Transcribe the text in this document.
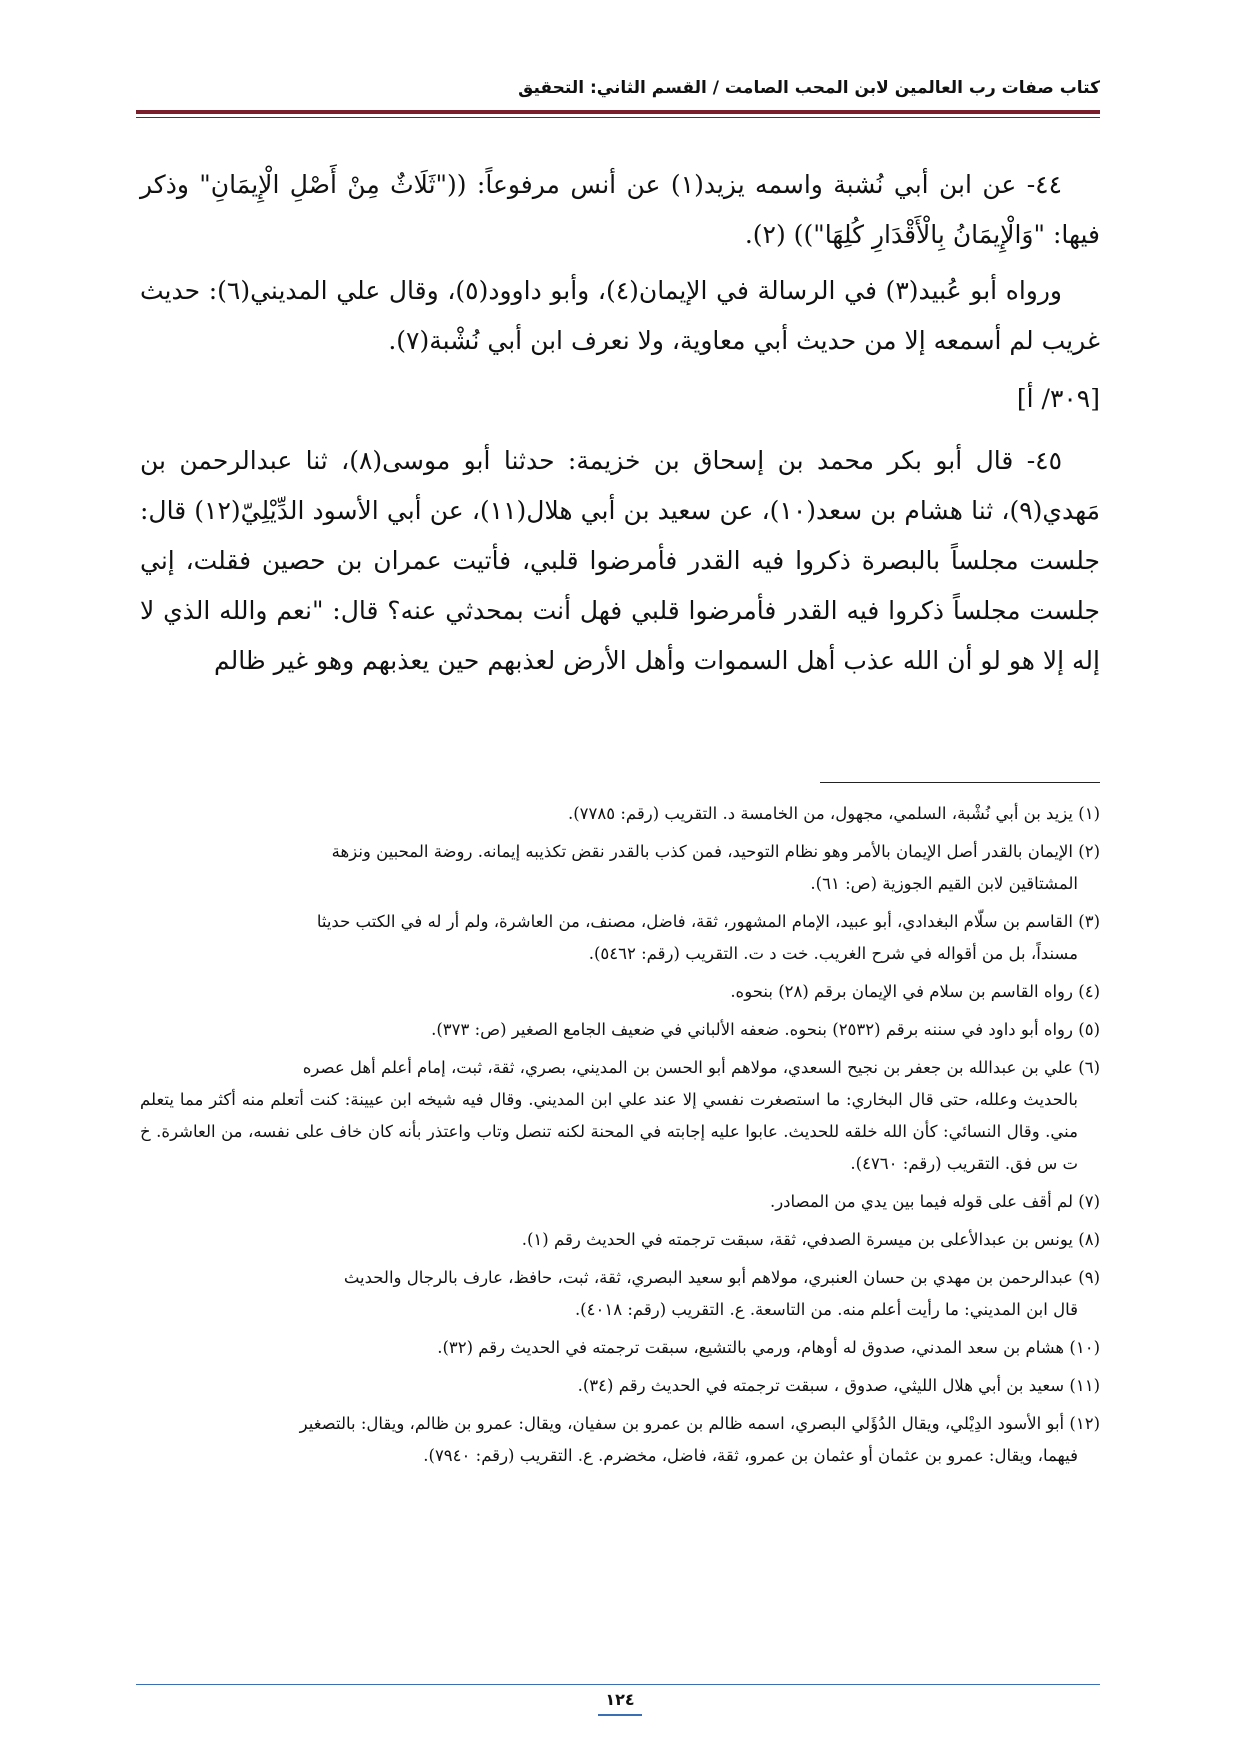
كتاب صفات رب العالمين لابن المحب الصامت / القسم الثاني: التحقيق

٤٤- عن ابن أبي نُشبة واسمه يزيد(١) عن أنس مرفوعاً: (("ثَلَاثٌ مِنْ أَصْلِ الْإِيمَانِ" وذكر فيها: "وَالْإِيمَانُ بِالْأَقْدَارِ كُلِهَا")) (٢).

ورواه أبو عُبيد(٣) في الرسالة في الإيمان(٤)، وأبو داوود(٥)، وقال علي المديني(٦): حديث غريب لم أسمعه إلا من حديث أبي معاوية، ولا نعرف ابن أبي نُشْبة(٧).

[٣٠٩/ أ]

٤٥- قال أبو بكر محمد بن إسحاق بن خزيمة: حدثنا أبو موسى(٨)، ثنا عبدالرحمن بن مَهدي(٩)، ثنا هشام بن سعد(١٠)، عن سعيد بن أبي هلال(١١)، عن أبي الأسود الدِّيْلِيّ(١٢) قال: جلست مجلساً بالبصرة ذكروا فيه القدر فأمرضوا قلبي، فأتيت عمران بن حصين فقلت، إني جلست مجلساً ذكروا فيه القدر فأمرضوا قلبي فهل أنت بمحدثي عنه؟ قال: "نعم والله الذي لا إله إلا هو لو أن الله عذب أهل السموات وأهل الأرض لعذبهم حين يعذبهم وهو غير ظالم

(١) يزيد بن أبي نُشْبة، السلمي، مجهول، من الخامسة د. التقريب (رقم: ٧٧٨٥).
(٢) الإيمان بالقدر أصل الإيمان بالأمر وهو نظام التوحيد، فمن كذب بالقدر نقض تكذيبه إيمانه. روضة المحبين ونزهة
المشتاقين لابن القيم الجوزية (ص: ٦١).
(٣) القاسم بن سلّام البغدادي، أبو عبيد، الإمام المشهور، ثقة، فاضل، مصنف، من العاشرة، ولم أر له في الكتب حديثا
مسنداً، بل من أقواله في شرح الغريب. خت د ت. التقريب (رقم: ٥٤٦٢).
(٤) رواه القاسم بن سلام في الإيمان برقم (٢٨) بنحوه.
(٥) رواه أبو داود في سننه برقم (٢٥٣٢) بنحوه. ضعفه الألباني في ضعيف الجامع الصغير (ص: ٣٧٣).
(٦) علي بن عبدالله بن جعفر بن نجيح السعدي، مولاهم أبو الحسن بن المديني، بصري، ثقة، ثبت، إمام أعلم أهل عصره
بالحديث وعلله، حتى قال البخاري: ما استصغرت نفسي إلا عند علي ابن المديني. وقال فيه شيخه ابن عيينة: كنت أتعلم منه أكثر مما يتعلم مني. وقال النسائي: كأن الله خلقه للحديث. عابوا عليه إجابته في المحنة لكنه تنصل وتاب واعتذر بأنه كان خاف على نفسه، من العاشرة. خ ت س فق. التقريب (رقم: ٤٧٦٠).
(٧) لم أقف على قوله فيما بين يدي من المصادر.
(٨) يونس بن عبدالأعلى بن ميسرة الصدفي، ثقة، سبقت ترجمته في الحديث رقم (١).
(٩) عبدالرحمن بن مهدي بن حسان العنبري، مولاهم أبو سعيد البصري، ثقة، ثبت، حافظ، عارف بالرجال والحديث
قال ابن المديني: ما رأيت أعلم منه. من التاسعة. ع. التقريب (رقم: ٤٠١٨).
(١٠) هشام بن سعد المدني، صدوق له أوهام، ورمي بالتشيع، سبقت ترجمته في الحديث رقم (٣٢).
(١١) سعيد بن أبي هلال الليثي، صدوق ، سبقت ترجمته في الحديث رقم (٣٤).
(١٢) أبو الأسود الدِيْلي، ويقال الدُؤَلي البصري، اسمه ظالم بن عمرو بن سفيان، ويقال: عمرو بن ظالم، ويقال: بالتصغير
فيهما، ويقال: عمرو بن عثمان أو عثمان بن عمرو، ثقة، فاضل، مخضرم. ع. التقريب (رقم: ٧٩٤٠).
١٢٤
